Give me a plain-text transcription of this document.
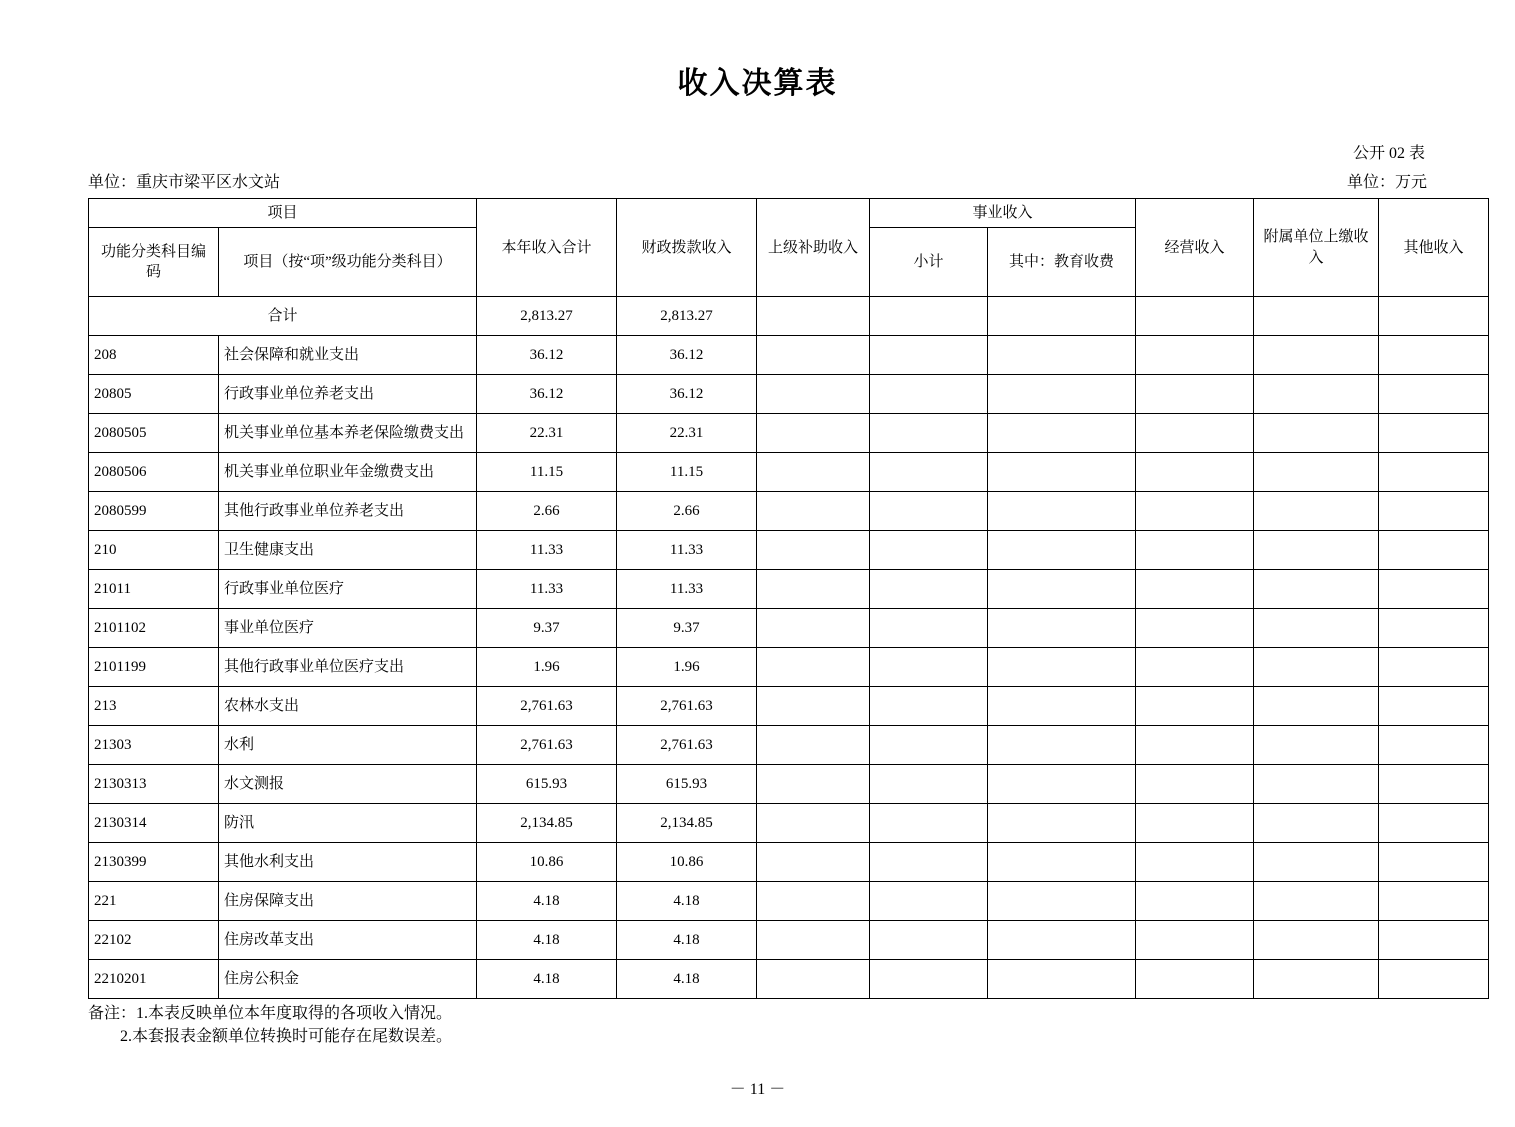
收入决算表
公开 02 表
单位：重庆市梁平区水文站	单位：万元
项目		本年收入合计	财政拨款收入	上级补助收入	事业收入		经营收入	附属单位上缴收入	其他收入
功能分类科目编码	项目（按“项”级功能分类科目）				小计	其中：教育收费			
合计		2,813.27	2,813.27						
208	社会保障和就业支出	36.12	36.12						
20805	行政事业单位养老支出	36.12	36.12						
2080505	机关事业单位基本养老保险缴费支出	22.31	22.31						
2080506	机关事业单位职业年金缴费支出	11.15	11.15						
2080599	其他行政事业单位养老支出	2.66	2.66						
210	卫生健康支出	11.33	11.33						
21011	行政事业单位医疗	11.33	11.33						
2101102	事业单位医疗	9.37	9.37						
2101199	其他行政事业单位医疗支出	1.96	1.96						
213	农林水支出	2,761.63	2,761.63						
21303	水利	2,761.63	2,761.63						
2130313	水文测报	615.93	615.93						
2130314	防汛	2,134.85	2,134.85						
2130399	其他水利支出	10.86	10.86						
221	住房保障支出	4.18	4.18						
22102	住房改革支出	4.18	4.18						
2210201	住房公积金	4.18	4.18						
备注：1.本表反映单位本年度取得的各项收入情况。
2.本套报表金额单位转换时可能存在尾数误差。
－ 11 －
